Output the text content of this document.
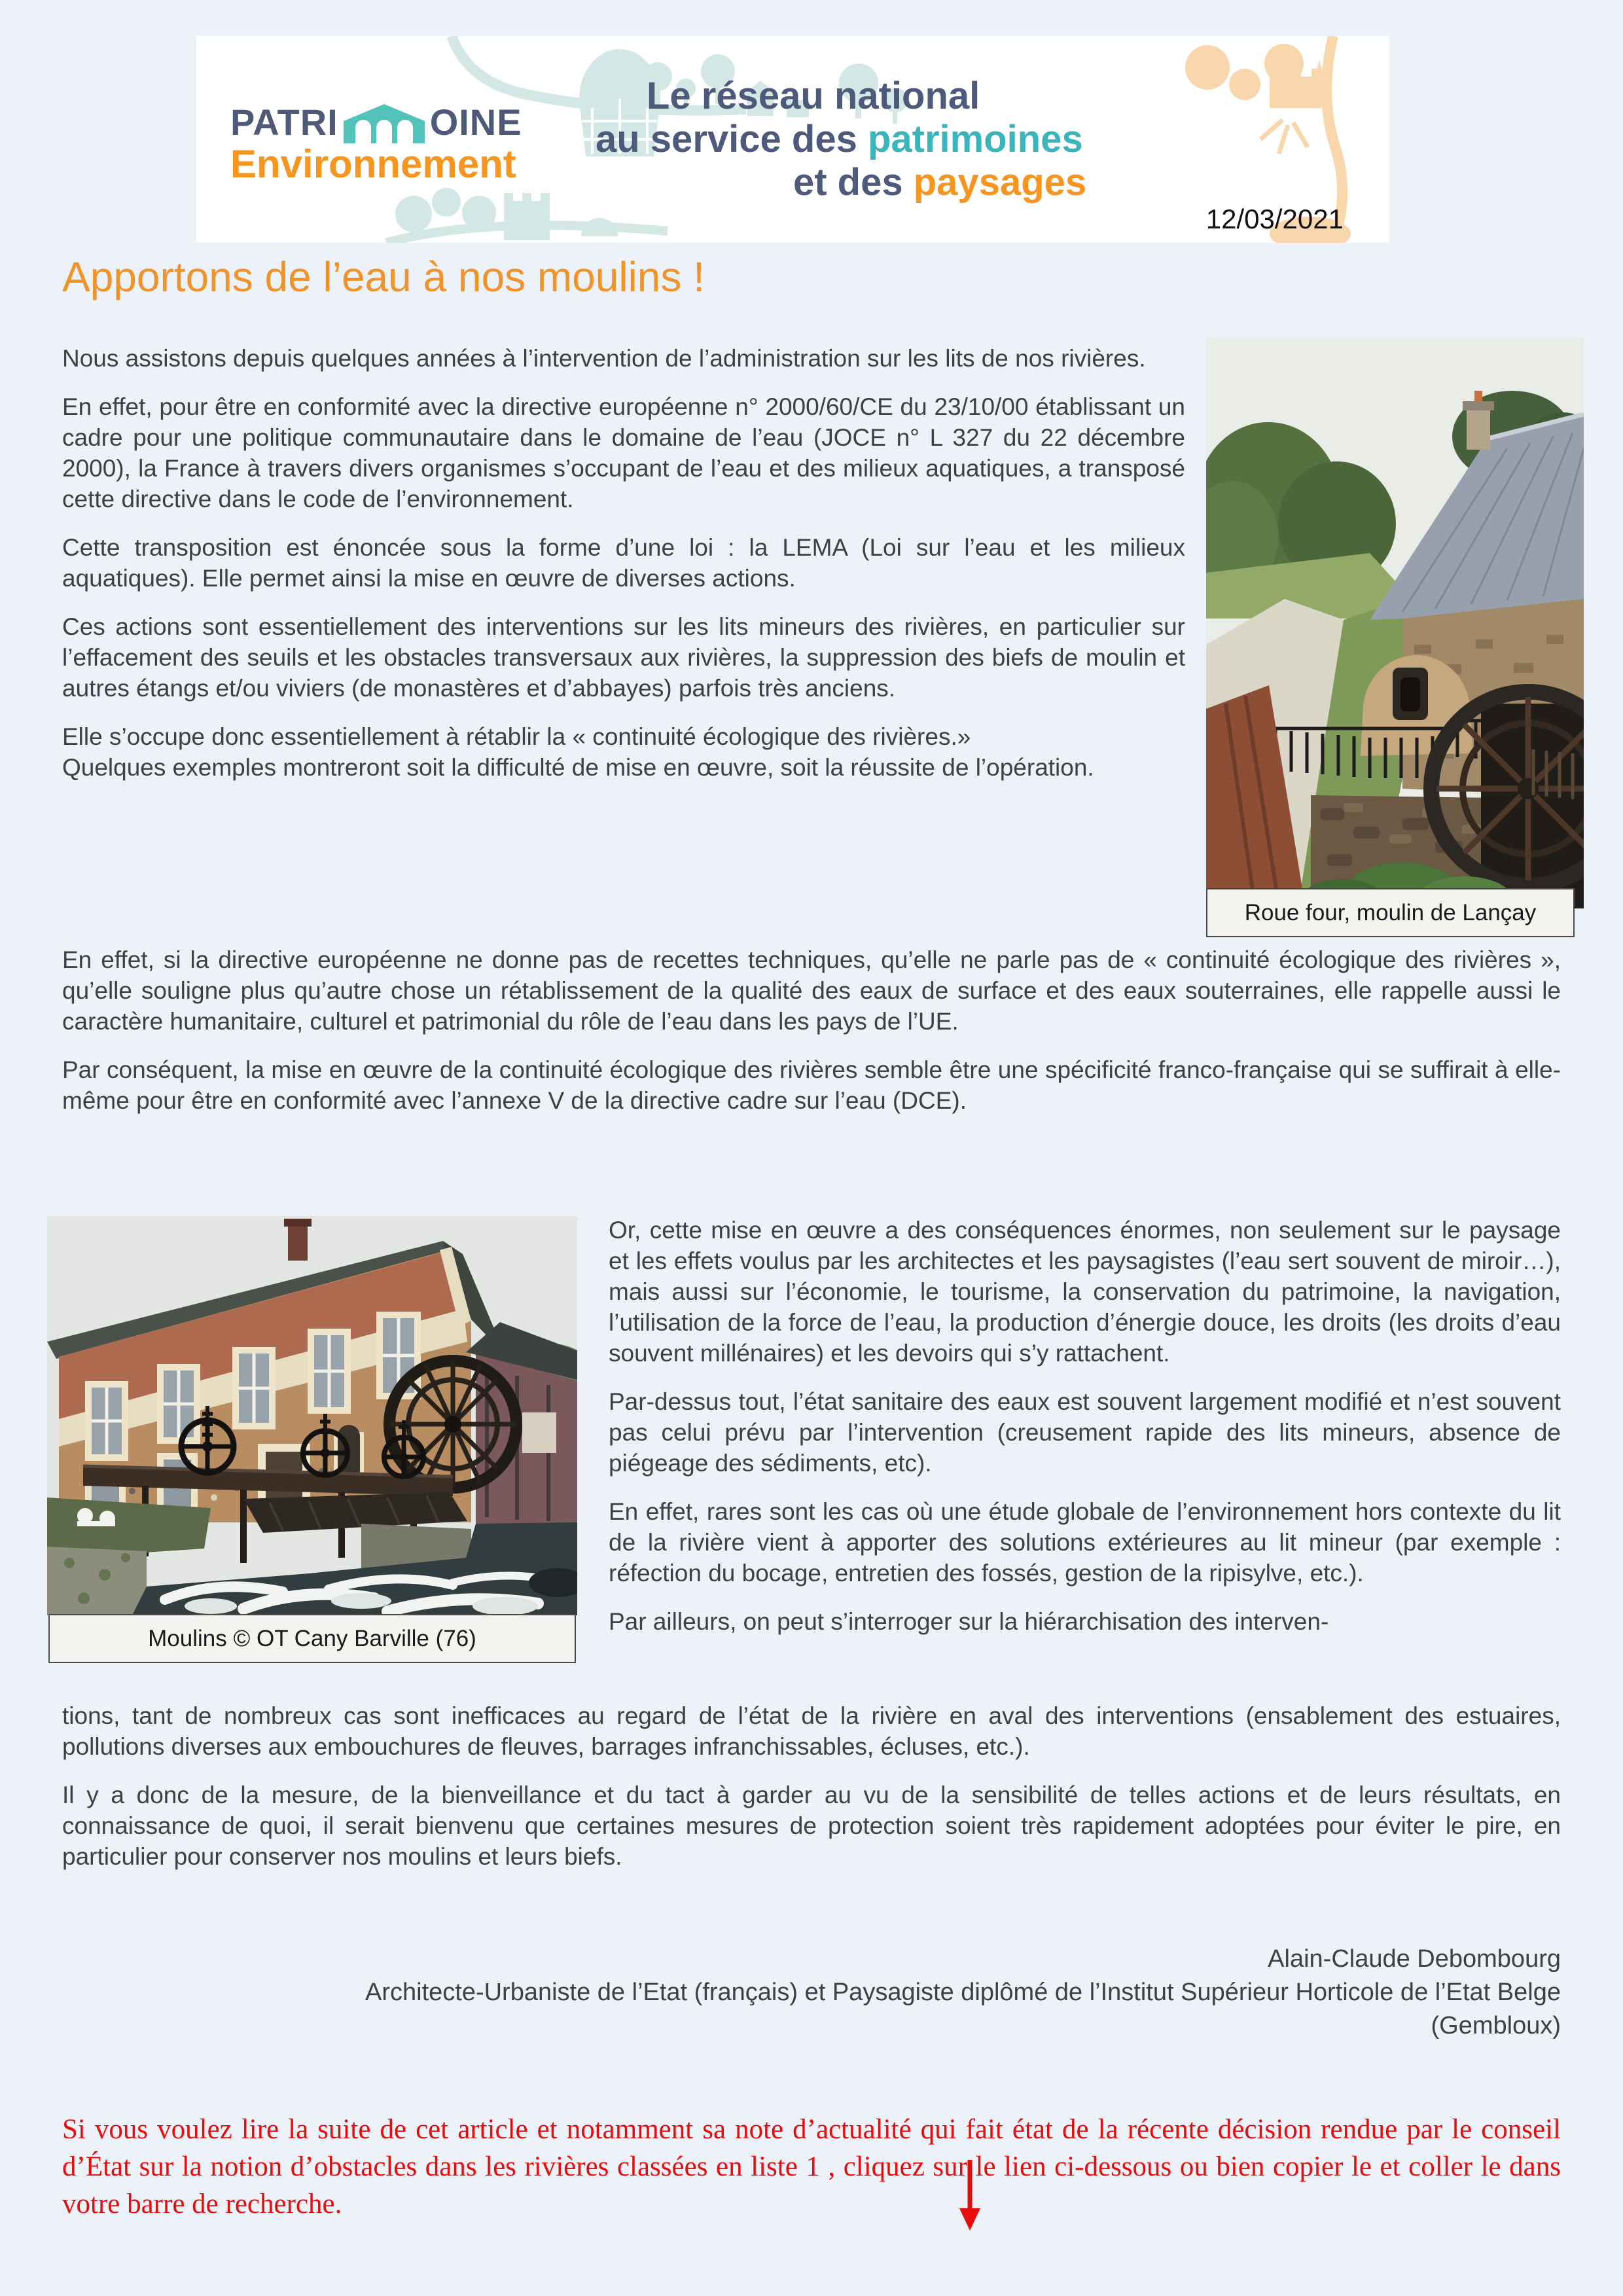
PATRI	OINE
Environnement
Le réseau national
au service des patrimoines
et des paysages
12/03/2021
Apportons de l’eau à nos moulins !

Nous assistons depuis quelques années à l’intervention de l’administration sur les lits de nos rivières.

En effet, pour être en conformité avec la directive européenne n° 2000/60/CE du 23/10/00 établissant un cadre pour une politique communautaire dans le domaine de l’eau (JOCE n° L 327 du 22 décembre 2000), la France à travers divers organismes s’occupant de l’eau et des milieux aquatiques, a transposé cette directive dans le code de l’environnement.

Cette transposition est énoncée sous la forme d’une loi : la LEMA (Loi sur l’eau et les milieux aquatiques). Elle permet ainsi la mise en œuvre de diverses actions.

Ces actions sont essentiellement des interventions sur les lits mineurs des rivières, en particulier sur l’effacement des seuils et les obstacles transversaux aux rivières, la suppression des biefs de moulin et autres étangs et/ou viviers (de monastères et d’abbayes) parfois très anciens.

Elle s’occupe donc essentiellement à rétablir la « continuité écologique des rivières.»

Quelques exemples montreront soit la difficulté de mise en œuvre, soit la réussite de l’opération.

Roue four, moulin de Lançay

En effet, si la directive européenne ne donne pas de recettes techniques, qu’elle ne parle pas de « continuité écologique des rivières », qu’elle souligne plus qu’autre chose un rétablissement de la qualité des eaux de surface et des eaux souterraines, elle rappelle aussi le caractère humanitaire, culturel et patrimonial du rôle de l’eau dans les pays de l’UE.

Par conséquent, la mise en œuvre de la continuité écologique des rivières semble être une spécificité franco-française qui se suffirait à elle-même pour être en conformité avec l’annexe V de la directive cadre sur l’eau (DCE).

Moulins © OT Cany Barville (76)

Or, cette mise en œuvre a des conséquences énormes, non seulement sur le paysage et les effets voulus par les architectes et les paysagistes (l’eau sert souvent de miroir…), mais aussi sur l’économie, le tourisme, la conservation du patrimoine, la navigation, l’utilisation de la force de l’eau, la production d’énergie douce, les droits (les droits d’eau souvent millénaires) et les devoirs qui s’y rattachent.

Par-dessus tout, l’état sanitaire des eaux est souvent largement modifié et n’est souvent pas celui prévu par l’intervention (creusement rapide des lits mineurs, absence de piégeage des sédiments, etc).

En effet, rares sont les cas où une étude globale de l’environnement hors contexte du lit de la rivière vient à apporter des solutions extérieures au lit mineur (par exemple : réfection du bocage, entretien des fossés, gestion de la ripisylve, etc.).

Par ailleurs, on peut s’interroger sur la hiérarchisation des interven-

tions, tant de nombreux cas sont inefficaces au regard de l’état de la rivière en aval des interventions (ensablement des estuaires, pollutions diverses aux embouchures de fleuves, barrages infranchissables, écluses, etc.).

Il y a donc de la mesure, de la bienveillance et du tact à garder au vu de la sensibilité de telles actions et de leurs résultats, en connaissance de quoi, il serait bienvenu que certaines mesures de protection soient très rapidement adoptées pour éviter le pire, en particulier pour conserver nos moulins et leurs biefs.

Alain-Claude Debombourg
Architecte-Urbaniste de l’Etat (français) et Paysagiste diplômé de l’Institut Supérieur Horticole de l’Etat Belge
(Gembloux)

Si vous voulez lire la suite de cet article et notamment sa note d’actualité qui fait état de la récente décision rendue par le conseil d’État sur la notion d’obstacles dans les rivières classées en liste 1 , cliquez sur le lien ci-dessous ou bien copier le et coller le dans votre barre de recherche.
